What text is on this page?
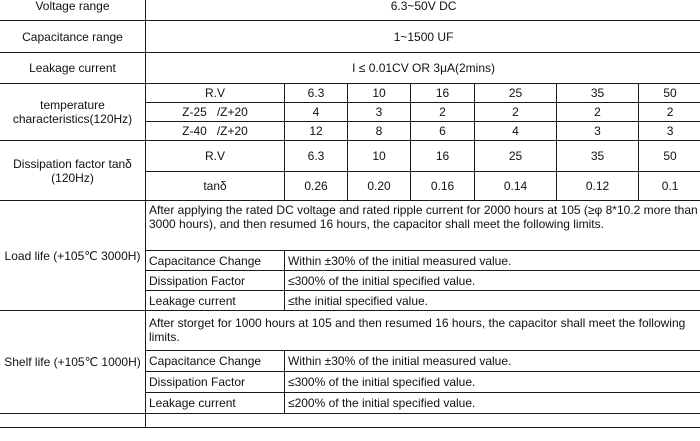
Voltage range	6.3~50V DC						
Capacitance range	1~1500 UF						
Leakage current	I ≤ 0.01CV OR 3μA(2mins)						
temperature characteristics(120Hz)	R.V	6.3	10	16	25	35	50
	Z-25   /Z+20	4	3	2	2	2	2
	Z-40   /Z+20	12	8	6	4	3	3
Dissipation factor tanδ (120Hz)	R.V	6.3	10	16	25	35	50
	tanδ	0.26	0.20	0.16	0.14	0.12	0.1
Load life (+105℃ 3000H)	After applying the rated DC voltage and rated ripple current for 2000 hours at 105 (≥φ 8*10.2 more than 3000 hours), and then resumed 16 hours, the capacitor shall meet the following limits.						
	Capacitance Change	Within ±30% of the initial measured value.					
	Dissipation Factor	≤300% of the initial specified value.					
	Leakage current	≤the initial specified value.					
Shelf life (+105℃ 1000H)	After storget for 1000 hours at 105 and then resumed 16 hours, the capacitor shall meet the following limits.						
	Capacitance Change	Within ±30% of the initial measured value.					
	Dissipation Factor	≤300% of the initial specified value.					
	Leakage current	≤200% of the initial specified value.					
